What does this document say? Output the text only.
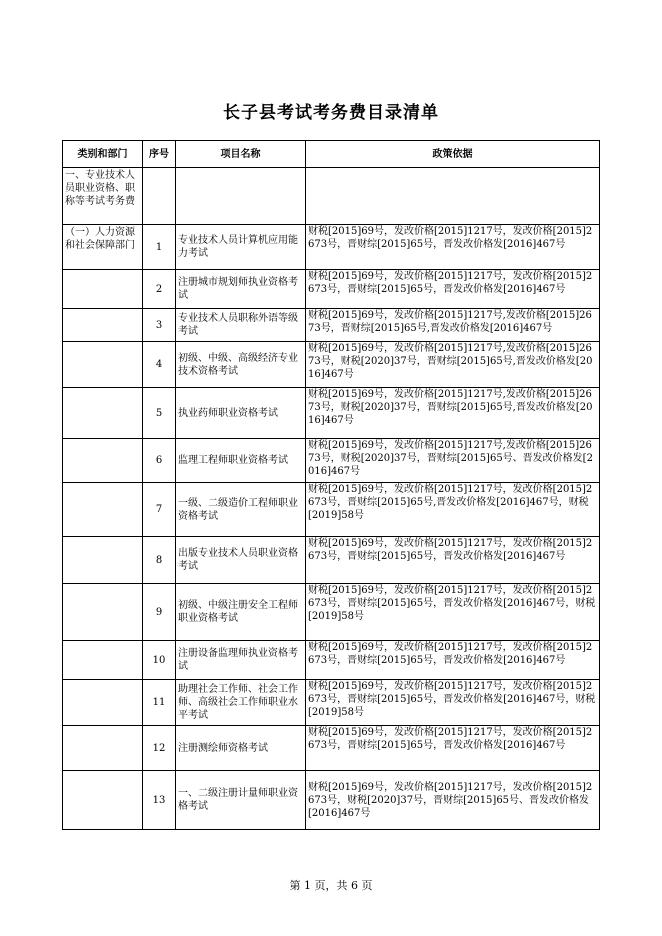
长子县考试考务费目录清单
类别和部门	序号	项目名称	政策依据
一、专业技术人员职业资格、职称等考试考务费			
（一）人力资源和社会保障部门	1	专业技术人员计算机应用能力考试	财税[2015]69号，发改价格[2015]1217号，发改价格[2015]2673号，晋财综[2015]65号，晋发改价格发[2016]467号

	2	注册城市规划师执业资格考试	财税[2015]69号，发改价格[2015]1217号，发改价格[2015]2673号，晋财综[2015]65号，晋发改价格发[2016]467号

	3	专业技术人员职称外语等级考试	财税[2015]69号，发改价格[2015]1217号,发改价格[2015]2673号，晋财综[2015]65号,晋发改价格发[2016]467号

	4	初级、中级、高级经济专业技术资格考试	财税[2015]69号，发改价格[2015]1217号,发改价格[2015]2673号，财税[2020]37号，晋财综[2015]65号,晋发改价格发[2016]467号

	5	执业药师职业资格考试	财税[2015]69号，发改价格[2015]1217号,发改价格[2015]2673号，财税[2020]37号，晋财综[2015]65号,晋发改价格发[2016]467号

	6	监理工程师职业资格考试	财税[2015]69号，发改价格[2015]1217号,发改价格[2015]2673号，财税[2020]37号，晋财综[2015]65号、晋发改价格发[2016]467号

	7	一级、二级造价工程师职业资格考试	财税[2015]69号，发改价格[2015]1217号，发改价格[2015]2673号，晋财综[2015]65号,晋发改价格发[2016]467号，财税[2019]58号

	8	出版专业技术人员职业资格考试	财税[2015]69号，发改价格[2015]1217号，发改价格[2015]2673号，晋财综[2015]65号，晋发改价格发[2016]467号

	9	初级、中级注册安全工程师职业资格考试	财税[2015]69号，发改价格[2015]1217号，发改价格[2015]2673号，晋财综[2015]65号，晋发改价格发[2016]467号，财税[2019]58号

	10	注册设备监理师执业资格考试	财税[2015]69号，发改价格[2015]1217号，发改价格[2015]2673号，晋财综[2015]65号，晋发改价格发[2016]467号

	11	助理社会工作师、社会工作师、高级社会工作师职业水平考试	财税[2015]69号，发改价格[2015]1217号，发改价格[2015]2673号，晋财综[2015]65号，晋发改价格发[2016]467号，财税[2019]58号

	12	注册测绘师资格考试	财税[2015]69号，发改价格[2015]1217号，发改价格[2015]2673号，晋财综[2015]65号，晋发改价格发[2016]467号

	13	一、二级注册计量师职业资格考试	财税[2015]69号，发改价格[2015]1217号，发改价格[2015]2673号，财税[2020]37号，晋财综[2015]65号、晋发改价格发[2016]467号
第 1 页，共 6 页
